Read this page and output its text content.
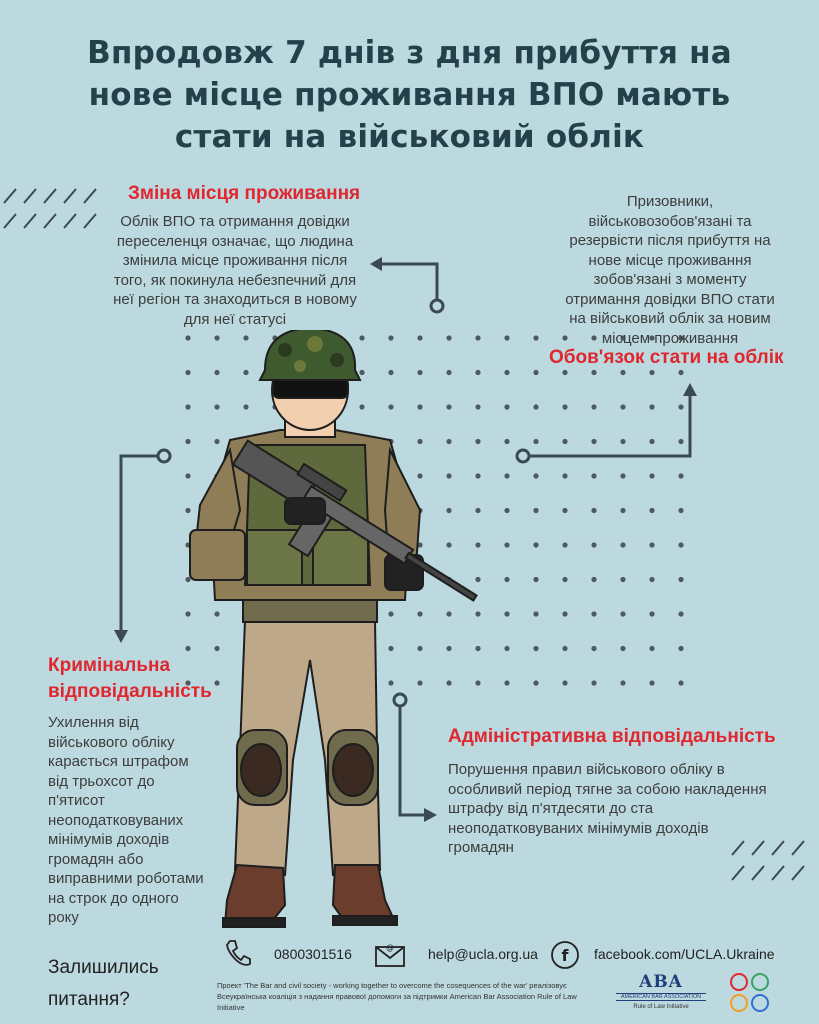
Впродовж 7 днів з дня прибуття на нове місце проживання ВПО мають стати на військовий облік
Зміна місця проживання
Облік ВПО та отримання довідки переселенця означає, що людина змінила місце проживання після того, як покинула небезпечний для неї регіон та знаходиться в новому для неї статусі
Призовники, військовозобов'язані та резервісти після прибуття на нове місце проживання зобов'язані з моменту отримання довідки ВПО стати на військовий облік за новим місцем проживання
Обов'язок стати на облік
Кримінальна
відповідальність
Ухилення від військового обліку карається штрафом від трьохсот до п'ятисот неоподатковуваних мінімумів доходів громадян або виправними роботами на строк до одного року
Адміністративна відповідальність
Порушення правил військового обліку в особливий період тягне за собою накладення штрафу від п'ятдесяти до ста неоподатковуваних мінімумів доходів громадян
Залишились
питання?
0800301516	@ help@ucla.org.ua f facebook.com/UCLA.Ukraine
Проект 'The Bar and civil society - working together to overcome the cosequences of the war' реалізовує Всеукраїнська коаліція з надання правової допомоги за підтримки American Bar Association Rule of Law Initiative
ABA
AMERICAN BAR ASSOCIATION
Rule of Law Initiative
